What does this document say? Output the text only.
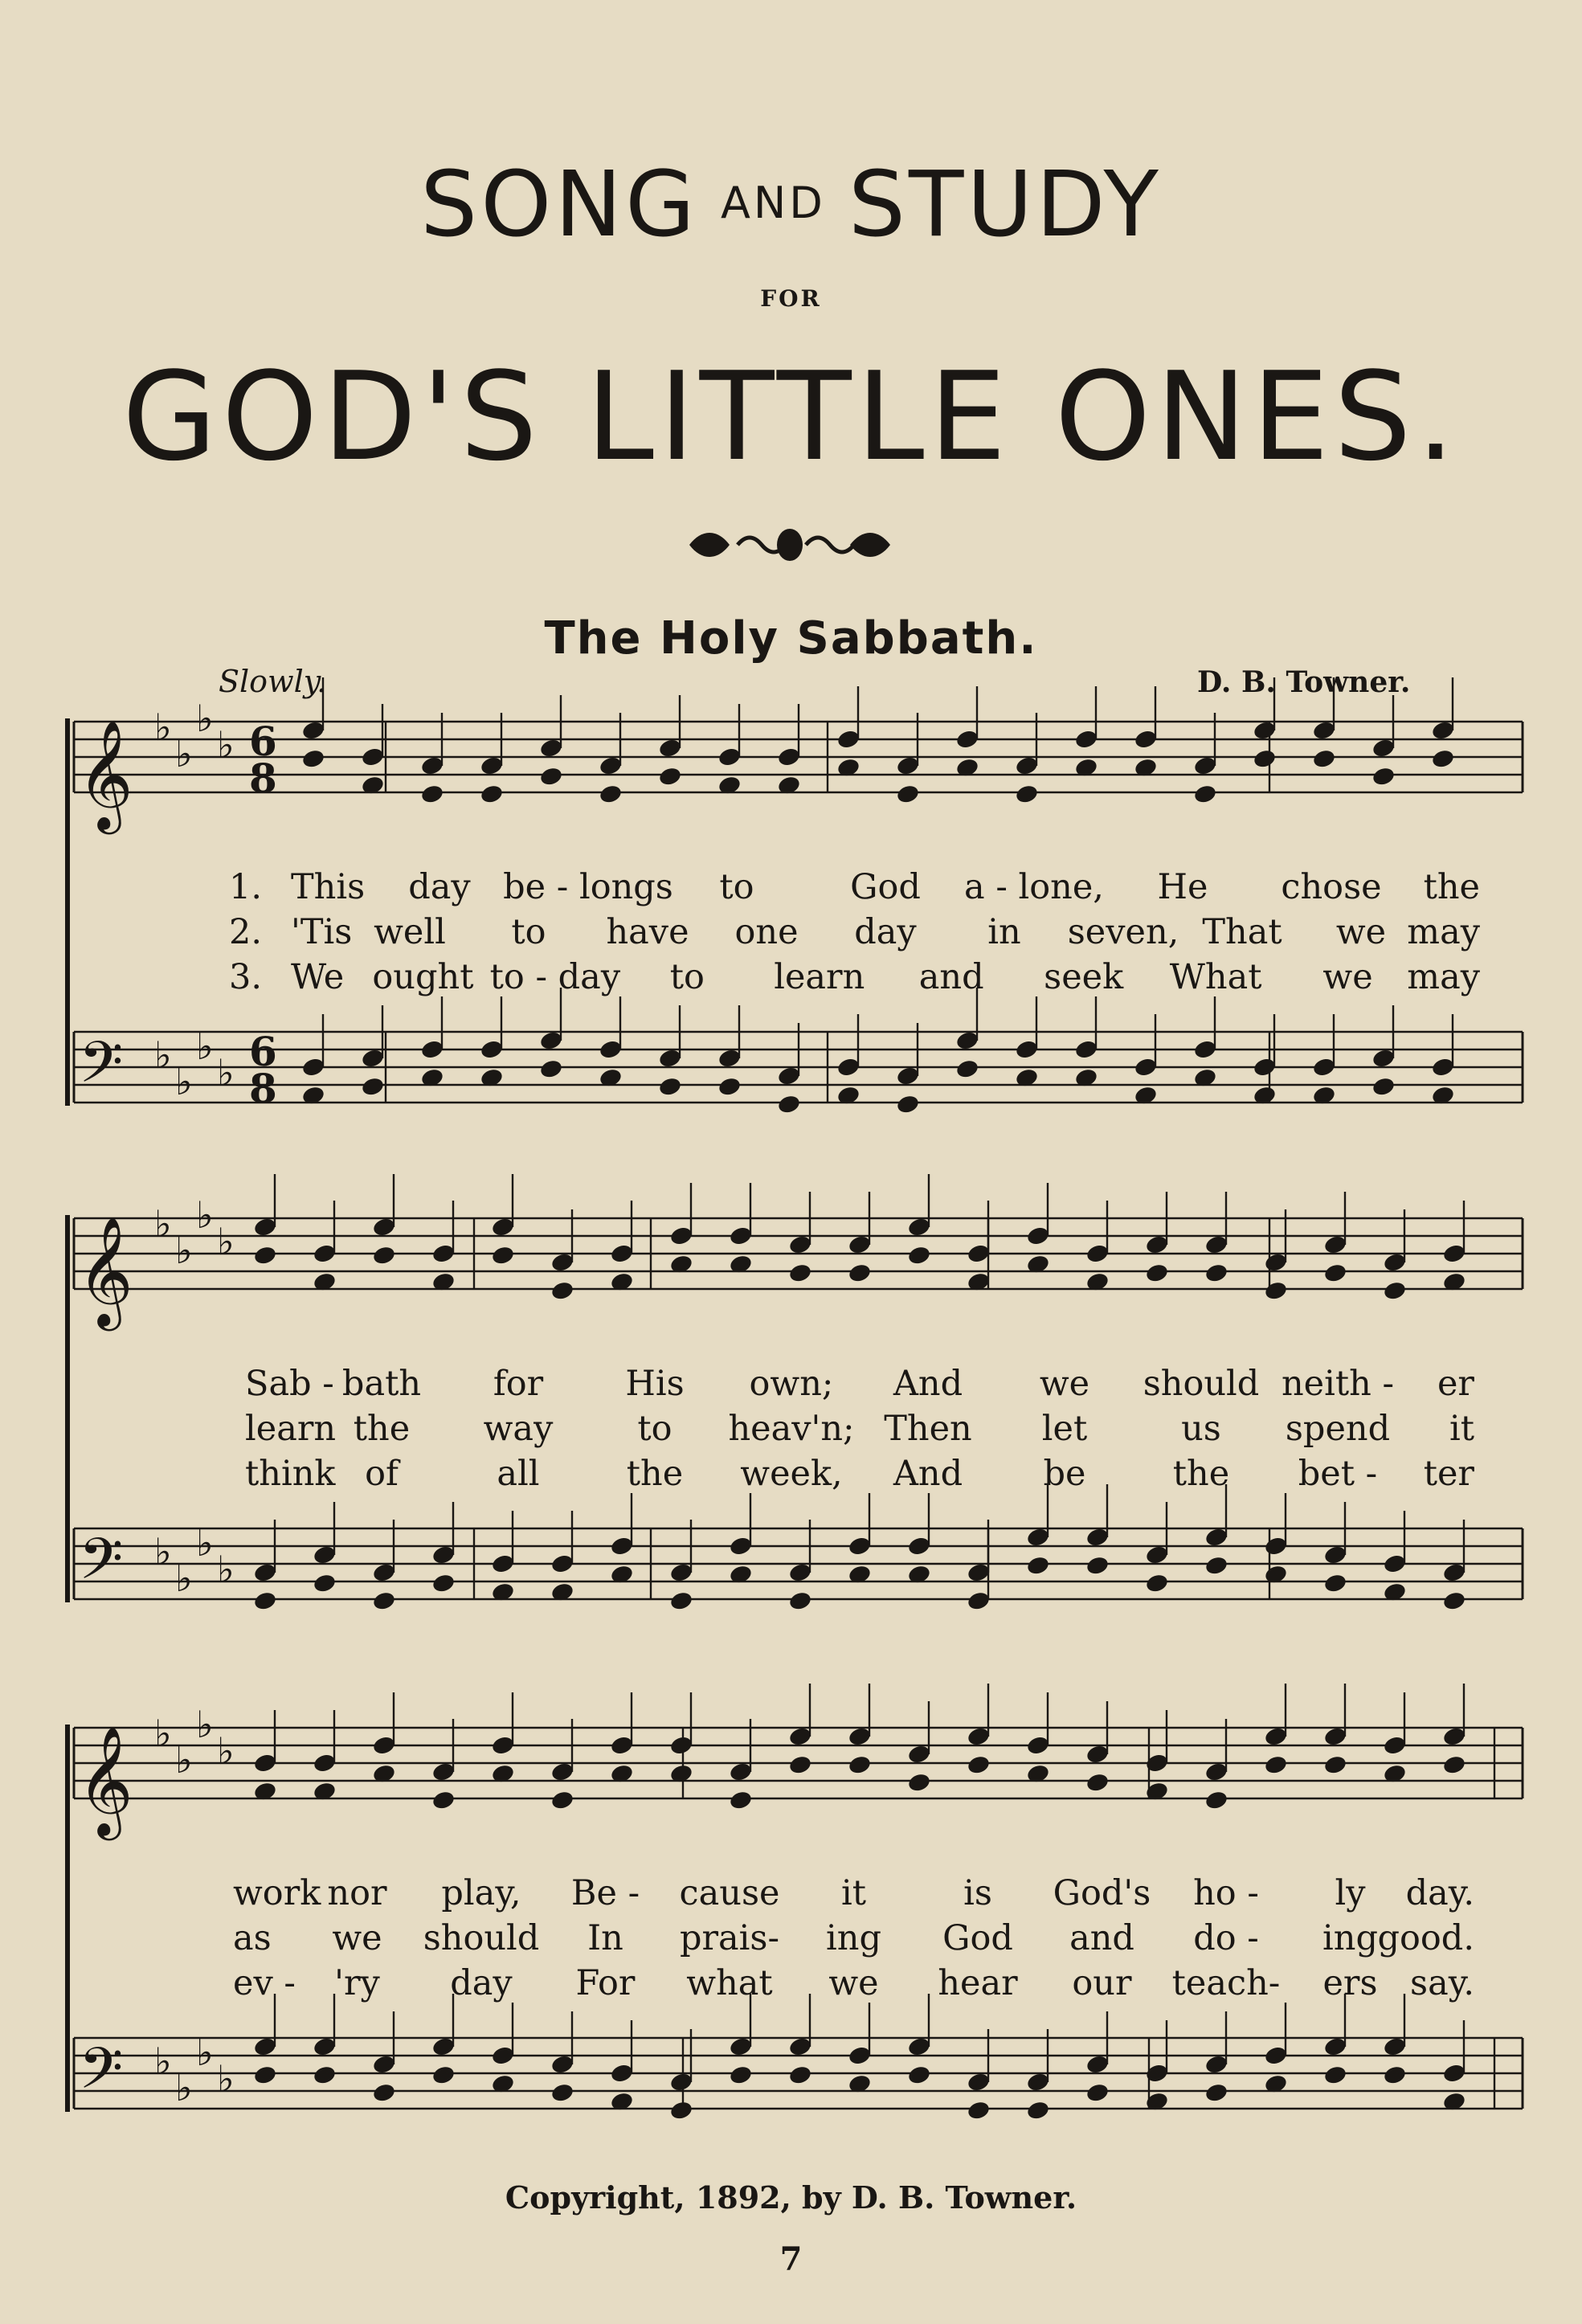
SONG AND STUDY
FOR
GOD'S LITTLE ONES.
The Holy Sabbath.
Slowly.	D. B. Towner.
𝄞 ♭
♭
♭
♭ 6
8
𝄢 ♭
♭
♭
♭ 6
8
1. This day be - longs to	God a - lone, He chose the
2. 'Tis well to have one day in seven, That we may
3. We ought to - day to learn and seek What we may
𝄞 ♭
♭
♭
♭
𝄢 ♭
♭
♭
♭
Sab - bath for His own; And we should neith - er
learn the way to heav'n; Then let	us spend it
think of	all	the week, And be	the bet - ter
𝄞 ♭
♭
♭
♭
𝄢 ♭
♭
♭
♭
work nor play, Be - cause it	is God's ho - ly day.
as we should In prais- ing God and do - ing good.
ev - 'ry day For what we hear our teach- ers say.
Copyright, 1892, by D. B. Towner.
7
